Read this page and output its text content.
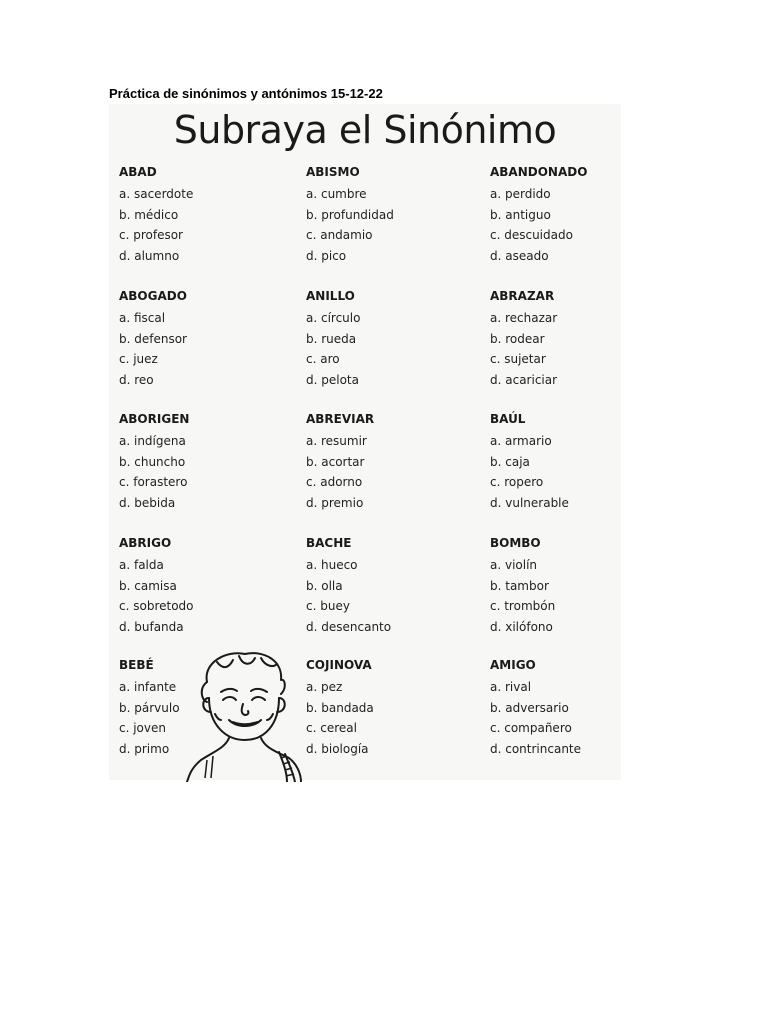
Práctica de sinónimos y antónimos 15-12-22
Subraya el Sinónimo
ABAD
a. sacerdote
b. médico
c. profesor
d. alumno
ABISMO
a. cumbre
b. profundidad
c. andamio
d. pico
ABANDONADO
a. perdido
b. antiguo
c. descuidado
d. aseado
ABOGADO
a. fiscal
b. defensor
c. juez
d. reo
ANILLO
a. círculo
b. rueda
c. aro
d. pelota
ABRAZAR
a. rechazar
b. rodear
c. sujetar
d. acariciar
ABORIGEN
a. indígena
b. chuncho
c. forastero
d. bebida
ABREVIAR
a. resumir
b. acortar
c. adorno
d. premio
BAÚL
a. armario
b. caja
c. ropero
d. vulnerable
ABRIGO
a. falda
b. camisa
c. sobretodo
d. bufanda
BACHE
a. hueco
b. olla
c. buey
d. desencanto
BOMBO
a. violín
b. tambor
c. trombón
d. xilófono
BEBÉ
a. infante
b. párvulo
c. joven
d. primo
COJINOVA
a. pez
b. bandada
c. cereal
d. biología
AMIGO
a. rival
b. adversario
c. compañero
d. contrincante
